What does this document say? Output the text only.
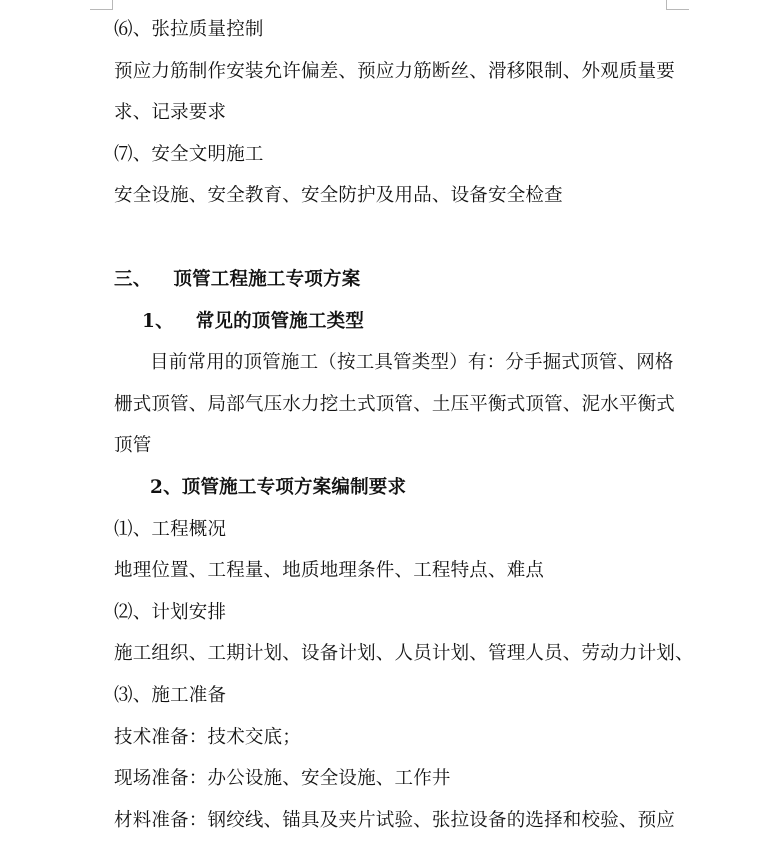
⑹、张拉质量控制
预应力筋制作安装允许偏差、预应力筋断丝、滑移限制、外观质量要
求、记录要求
⑺、安全文明施工
安全设施、安全教育、安全防护及用品、设备安全检查
三、 顶管工程施工专项方案
1、 常见的顶管施工类型
目前常用的顶管施工（按工具管类型）有：分手掘式顶管、网格
栅式顶管、局部气压水力挖土式顶管、土压平衡式顶管、泥水平衡式
顶管
2、顶管施工专项方案编制要求
⑴、工程概况
地理位置、工程量、地质地理条件、工程特点、难点
⑵、计划安排
施工组织、工期计划、设备计划、人员计划、管理人员、劳动力计划、
⑶、施工准备
技术准备：技术交底；
现场准备：办公设施、安全设施、工作井
材料准备：钢绞线、锚具及夹片试验、张拉设备的选择和校验、预应
